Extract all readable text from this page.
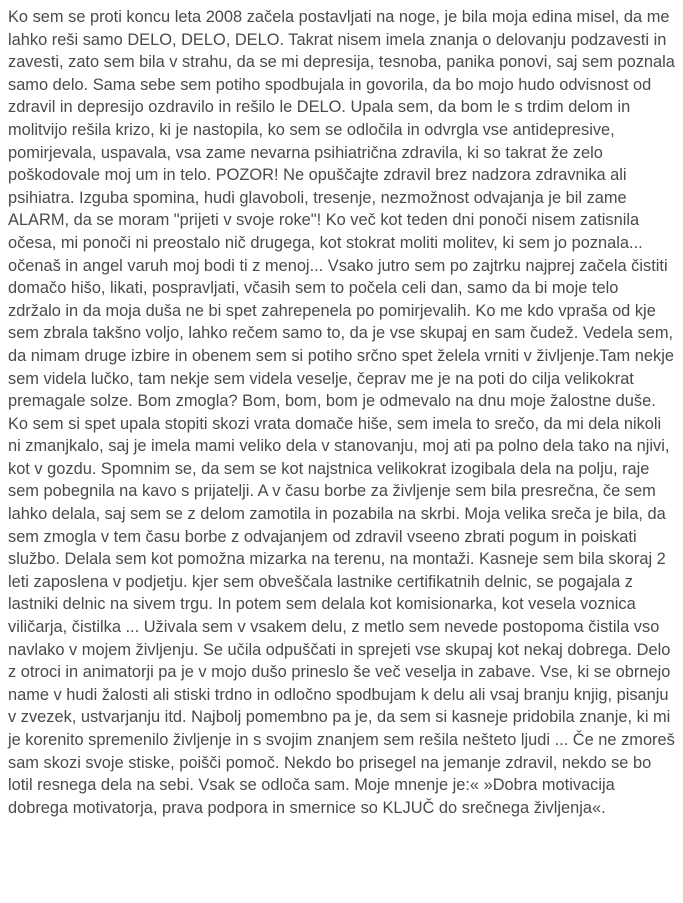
Ko sem se proti koncu leta 2008 začela postavljati na noge, je bila moja edina misel, da me lahko reši samo DELO, DELO, DELO. Takrat nisem imela znanja o delovanju podzavesti in zavesti, zato sem bila v strahu, da se mi depresija, tesnoba, panika ponovi, saj sem poznala samo delo. Sama sebe sem potiho spodbujala in govorila, da bo mojo hudo odvisnost od zdravil in depresijo ozdravilo in rešilo le DELO. Upala sem, da bom le s trdim delom in molitvijo rešila krizo, ki je nastopila, ko sem se odločila in odvrgla vse antidepresive, pomirjevala, uspavala, vsa zame nevarna psihiatrična zdravila, ki so takrat že zelo poškodovale moj um in telo. POZOR! Ne opuščajte zdravil brez nadzora zdravnika ali psihiatra. Izguba spomina, hudi glavoboli, tresenje, nezmožnost odvajanja je bil zame ALARM, da se moram "prijeti v svoje roke"! Ko več kot teden dni ponoči nisem zatisnila očesa, mi ponoči ni preostalo nič drugega, kot stokrat moliti molitev, ki sem jo poznala... očenaš in angel varuh moj bodi ti z menoj... Vsako jutro sem po zajtrku najprej začela čistiti domačo hišo, likati, pospravljati, včasih sem to počela celi dan, samo da bi moje telo zdržalo in da moja duša ne bi spet zahrepenela po pomirjevalih. Ko me kdo vpraša od kje sem zbrala takšno voljo, lahko rečem samo to, da je vse skupaj en sam čudež. Vedela sem, da nimam druge izbire in obenem sem si potiho srčno spet želela vrniti v življenje.Tam nekje sem videla lučko, tam nekje sem videla veselje, čeprav me je na poti do cilja velikokrat premagale solze. Bom zmogla? Bom, bom, bom je odmevalo na dnu moje žalostne duše. Ko sem si spet upala stopiti skozi vrata domače hiše, sem imela to srečo, da mi dela nikoli ni zmanjkalo, saj je imela mami veliko dela v stanovanju, moj ati pa polno dela tako na njivi, kot v gozdu. Spomnim se, da sem se kot najstnica velikokrat izogibala dela na polju, raje sem pobegnila na kavo s prijatelji. A v času borbe za življenje sem bila presrečna, če sem lahko delala, saj sem se z delom zamotila in pozabila na skrbi. Moja velika sreča je bila, da sem zmogla v tem času borbe z odvajanjem od zdravil vseeno zbrati pogum in poiskati službo. Delala sem kot pomožna mizarka na terenu, na montaži. Kasneje sem bila skoraj 2 leti zaposlena v podjetju. kjer sem obveščala lastnike certifikatnih delnic, se pogajala z lastniki delnic na sivem trgu. In potem sem delala kot komisionarka, kot vesela voznica viličarja, čistilka ... Uživala sem v vsakem delu, z metlo sem nevede postopoma čistila vso navlako v mojem življenju. Se učila odpuščati in sprejeti vse skupaj kot nekaj dobrega. Delo z otroci in animatorji pa je v mojo dušo prineslo še več veselja in zabave. Vse, ki se obrnejo name v hudi žalosti ali stiski trdno in odločno spodbujam k delu ali vsaj branju knjig, pisanju v zvezek, ustvarjanju itd. Najbolj pomembno pa je, da sem si kasneje pridobila znanje, ki mi je korenito spremenilo življenje in s svojim znanjem sem rešila nešteto ljudi ... Če ne zmoreš sam skozi svoje stiske, poišči pomoč. Nekdo bo prisegel na jemanje zdravil, nekdo se bo lotil resnega dela na sebi. Vsak se odloča sam. Moje mnenje je:« »Dobra motivacija dobrega motivatorja, prava podpora in smernice so KLJUČ do srečnega življenja«.
